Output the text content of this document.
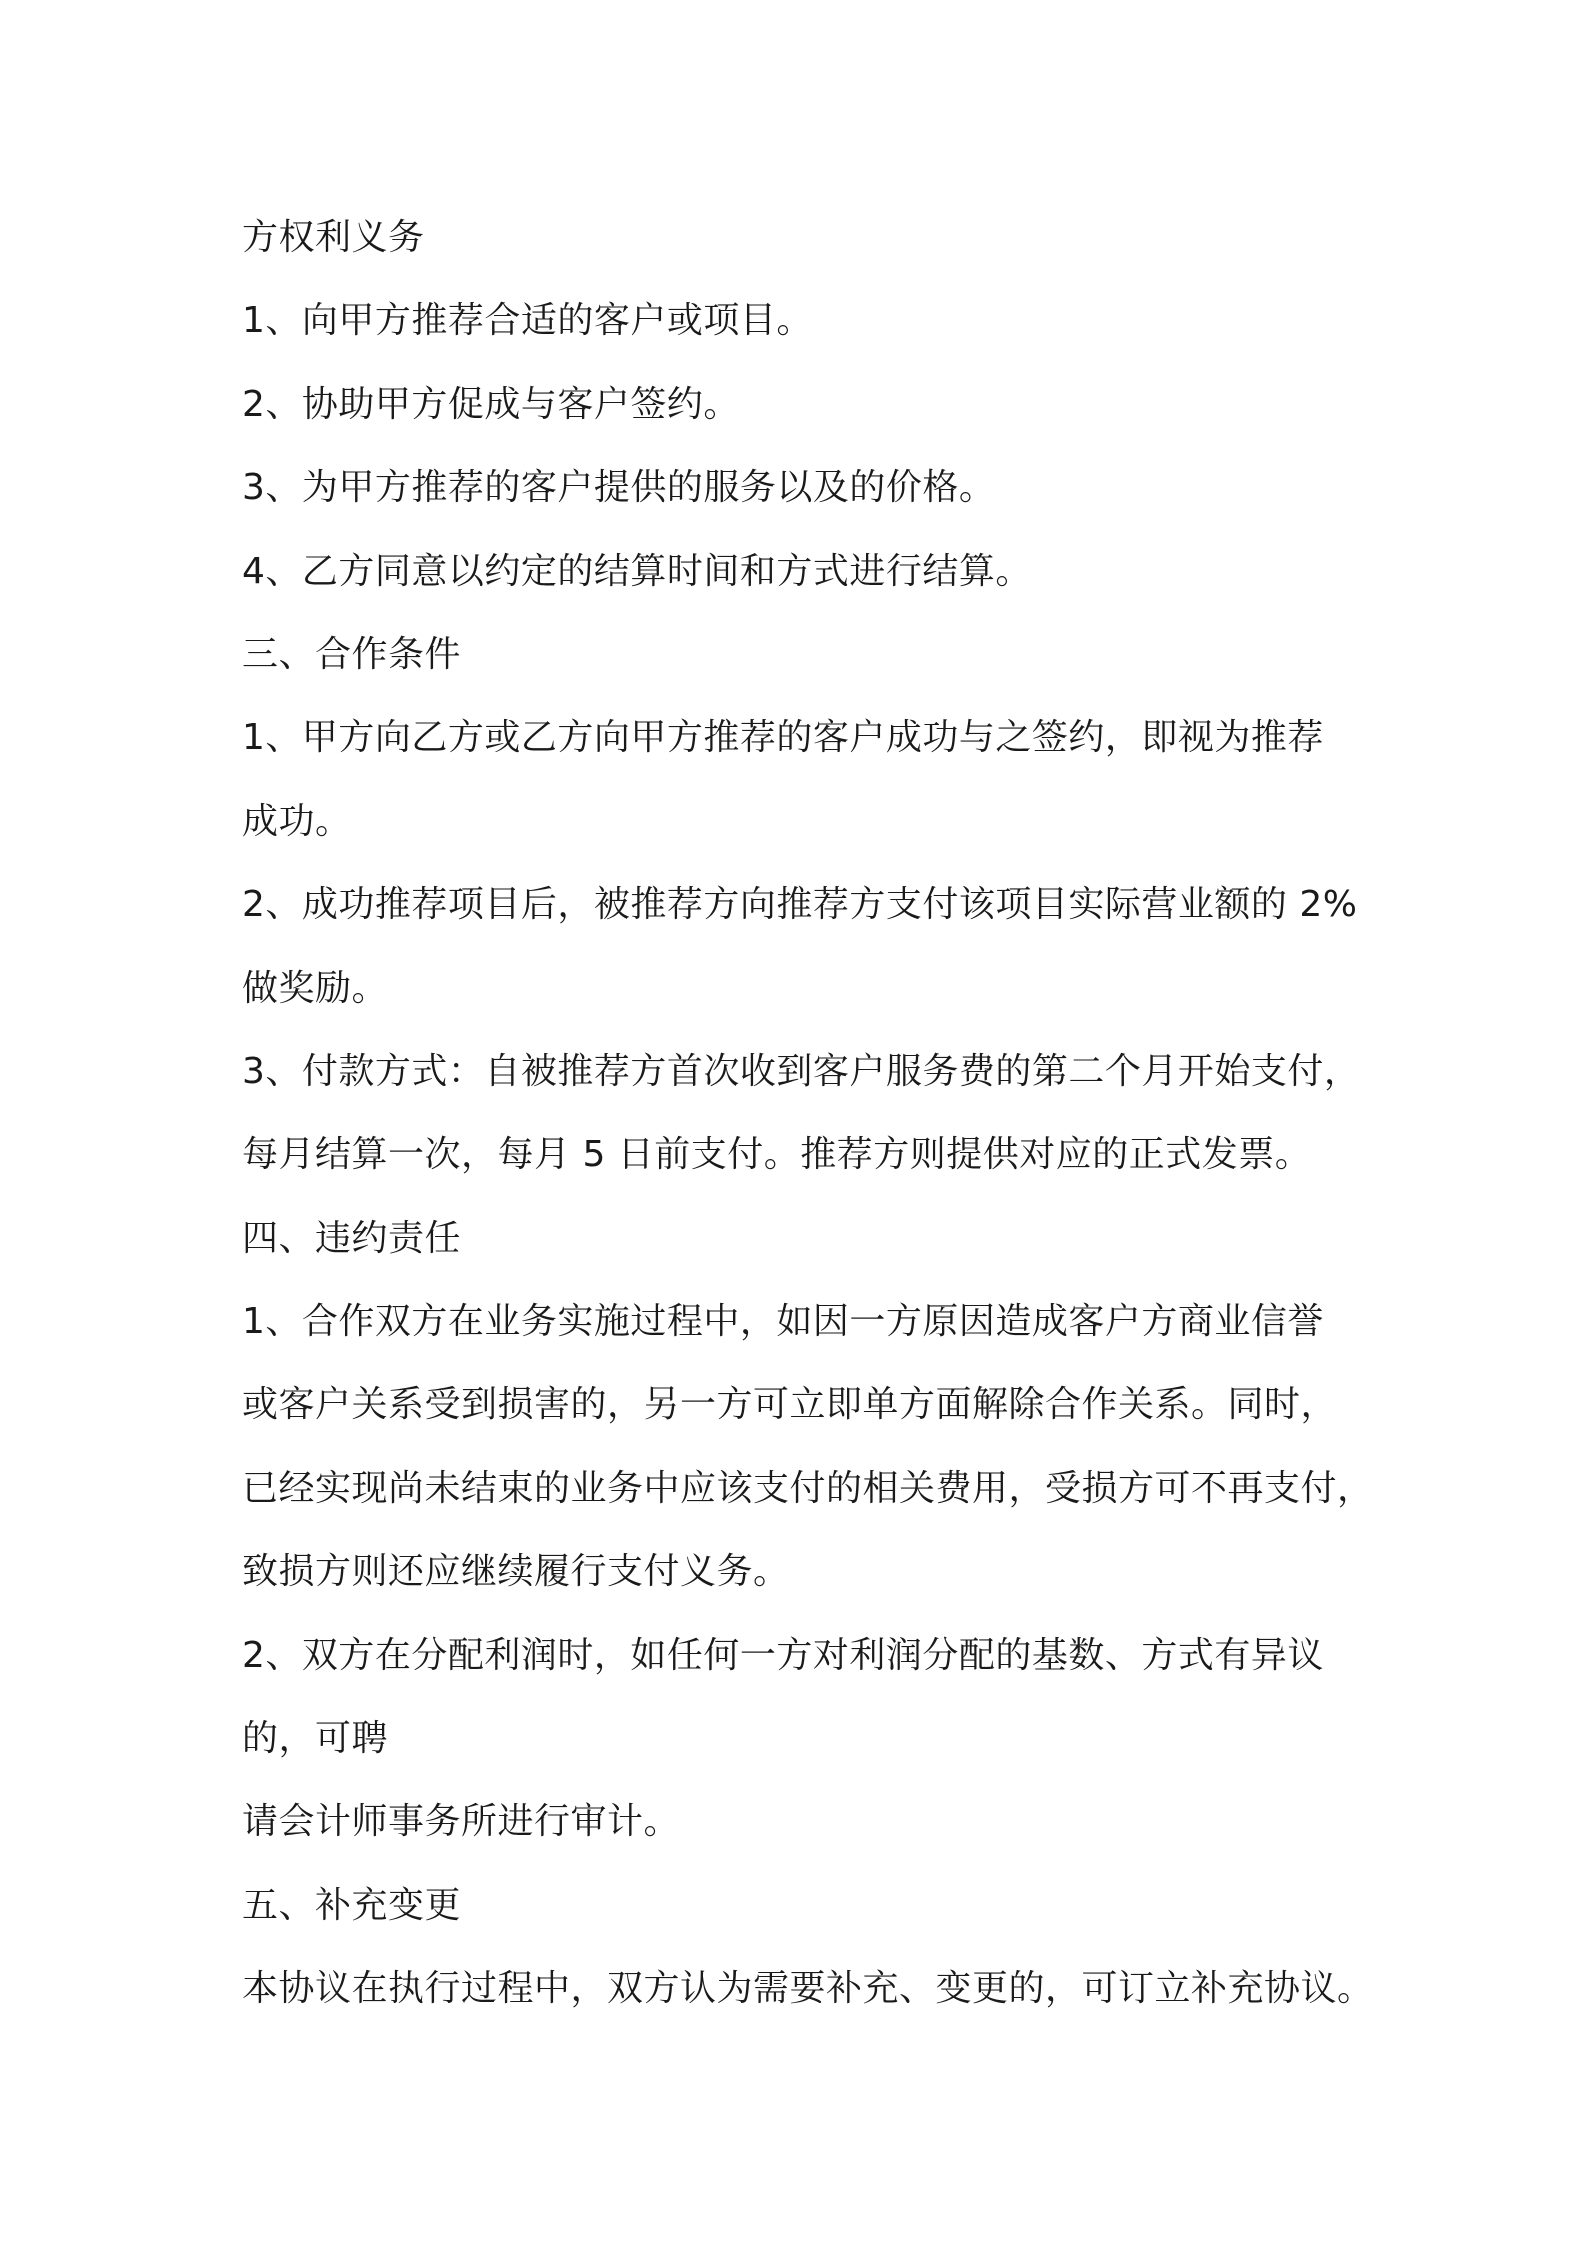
方权利义务
1、向甲方推荐合适的客户或项目。
2、协助甲方促成与客户签约。
3、为甲方推荐的客户提供的服务以及的价格。
4、乙方同意以约定的结算时间和方式进行结算。
三、合作条件
1、甲方向乙方或乙方向甲方推荐的客户成功与之签约，即视为推荐
成功。
2、成功推荐项目后，被推荐方向推荐方支付该项目实际营业额的 2%
做奖励。
3、付款方式：自被推荐方首次收到客户服务费的第二个月开始支付，
每月结算一次，每月 5 日前支付。推荐方则提供对应的正式发票。
四、违约责任
1、合作双方在业务实施过程中，如因一方原因造成客户方商业信誉
或客户关系受到损害的，另一方可立即单方面解除合作关系。同时，
已经实现尚未结束的业务中应该支付的相关费用，受损方可不再支付，
致损方则还应继续履行支付义务。
2、双方在分配利润时，如任何一方对利润分配的基数、方式有异议
的，可聘
请会计师事务所进行审计。
五、补充变更
本协议在执行过程中，双方认为需要补充、变更的，可订立补充协议。
